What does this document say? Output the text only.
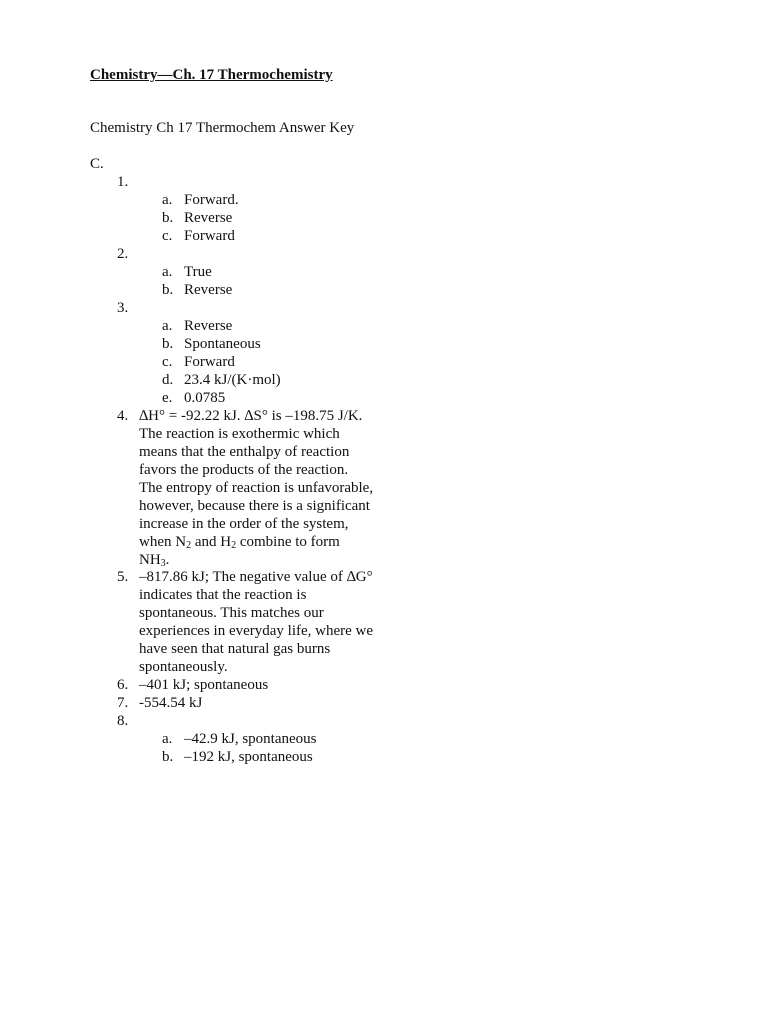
Chemistry—Ch. 17 Thermochemistry
Chemistry Ch 17 Thermochem Answer Key
C.
1.
a. Forward.
b. Reverse
c. Forward
2.
a. True
b. Reverse
3.
a. Reverse
b. Spontaneous
c. Forward
d. 23.4 kJ/(K·mol)
e. 0.0785
4. ∆H° = -92.22 kJ. ∆S° is –198.75 J/K.
The reaction is exothermic which
means that the enthalpy of reaction
favors the products of the reaction.
The entropy of reaction is unfavorable,
however, because there is a significant
increase in the order of the system,
when $N_2$ and $H_2$ combine to form
$NH_3$.
5. –817.86 kJ; The negative value of ∆G°
indicates that the reaction is
spontaneous. This matches our
experiences in everyday life, where we
have seen that natural gas burns
spontaneously.
6. –401 kJ; spontaneous
7. -554.54 kJ
8.
a. –42.9 kJ, spontaneous
b. –192 kJ, spontaneous
